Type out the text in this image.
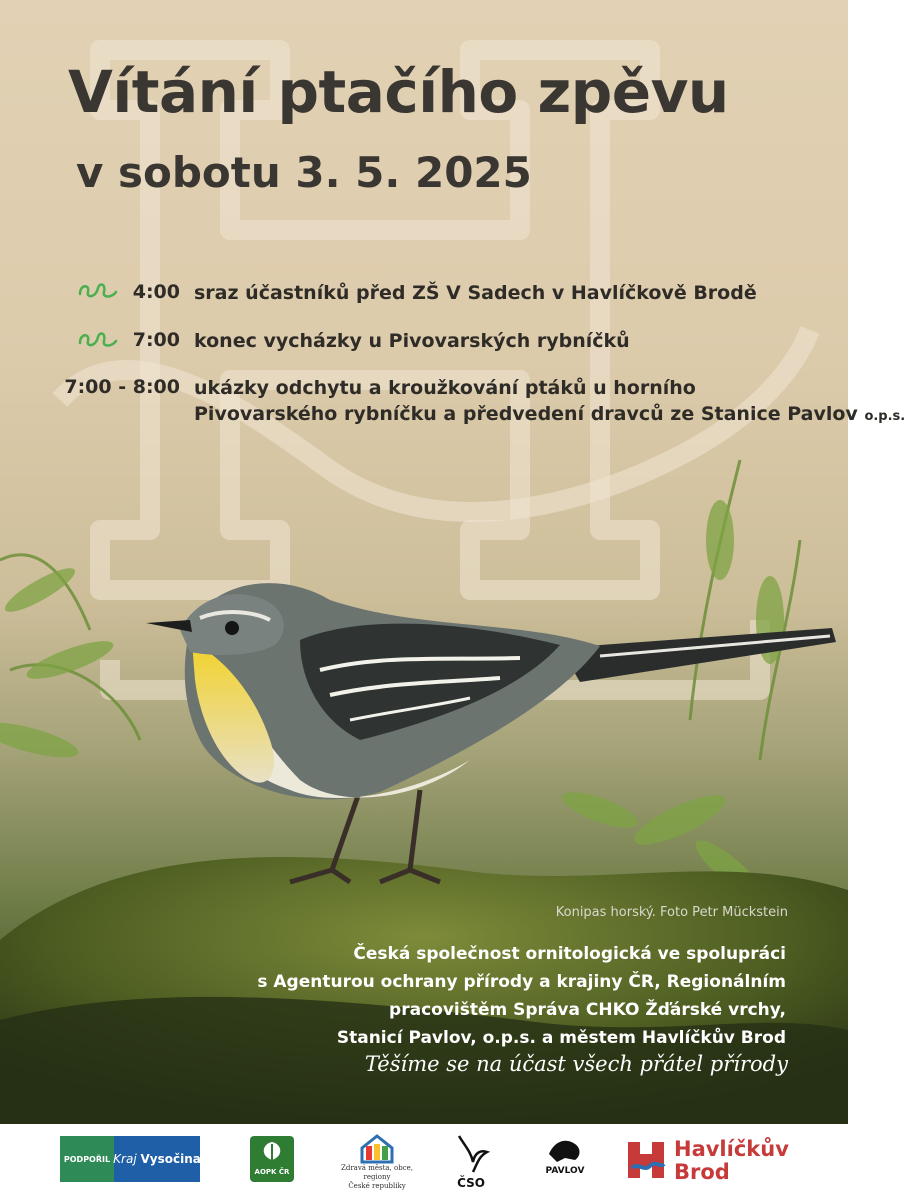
Vítání ptačího zpěvu
v sobotu 3. 5. 2025
4:00 sraz účastníků před ZŠ V Sadech v Havlíčkově Brodě
7:00 konec vycházky u Pivovarských rybníčků
7:00 - 8:00 ukázky odchytu a kroužkování ptáků u horního
Pivovarského rybníčku a předvedení dravců ze Stanice Pavlov o.p.s.
Konipas horský. Foto Petr Mückstein
Česká společnost ornitologická ve spolupráci
s Agenturou ochrany přírody a krajiny ČR, Regionálním
pracovištěm Správa CHKO Žďárské vrchy,
Stanicí Pavlov, o.p.s. a městem Havlíčkův Brod
Těšíme se na účast všech přátel přírody
PODPOŘIL Kraj
Vysočina
AOPK ČR	Zdravá města, obce, regiony
České republiky	ČSO
PAVLOV
Havlíčkův
Brod
